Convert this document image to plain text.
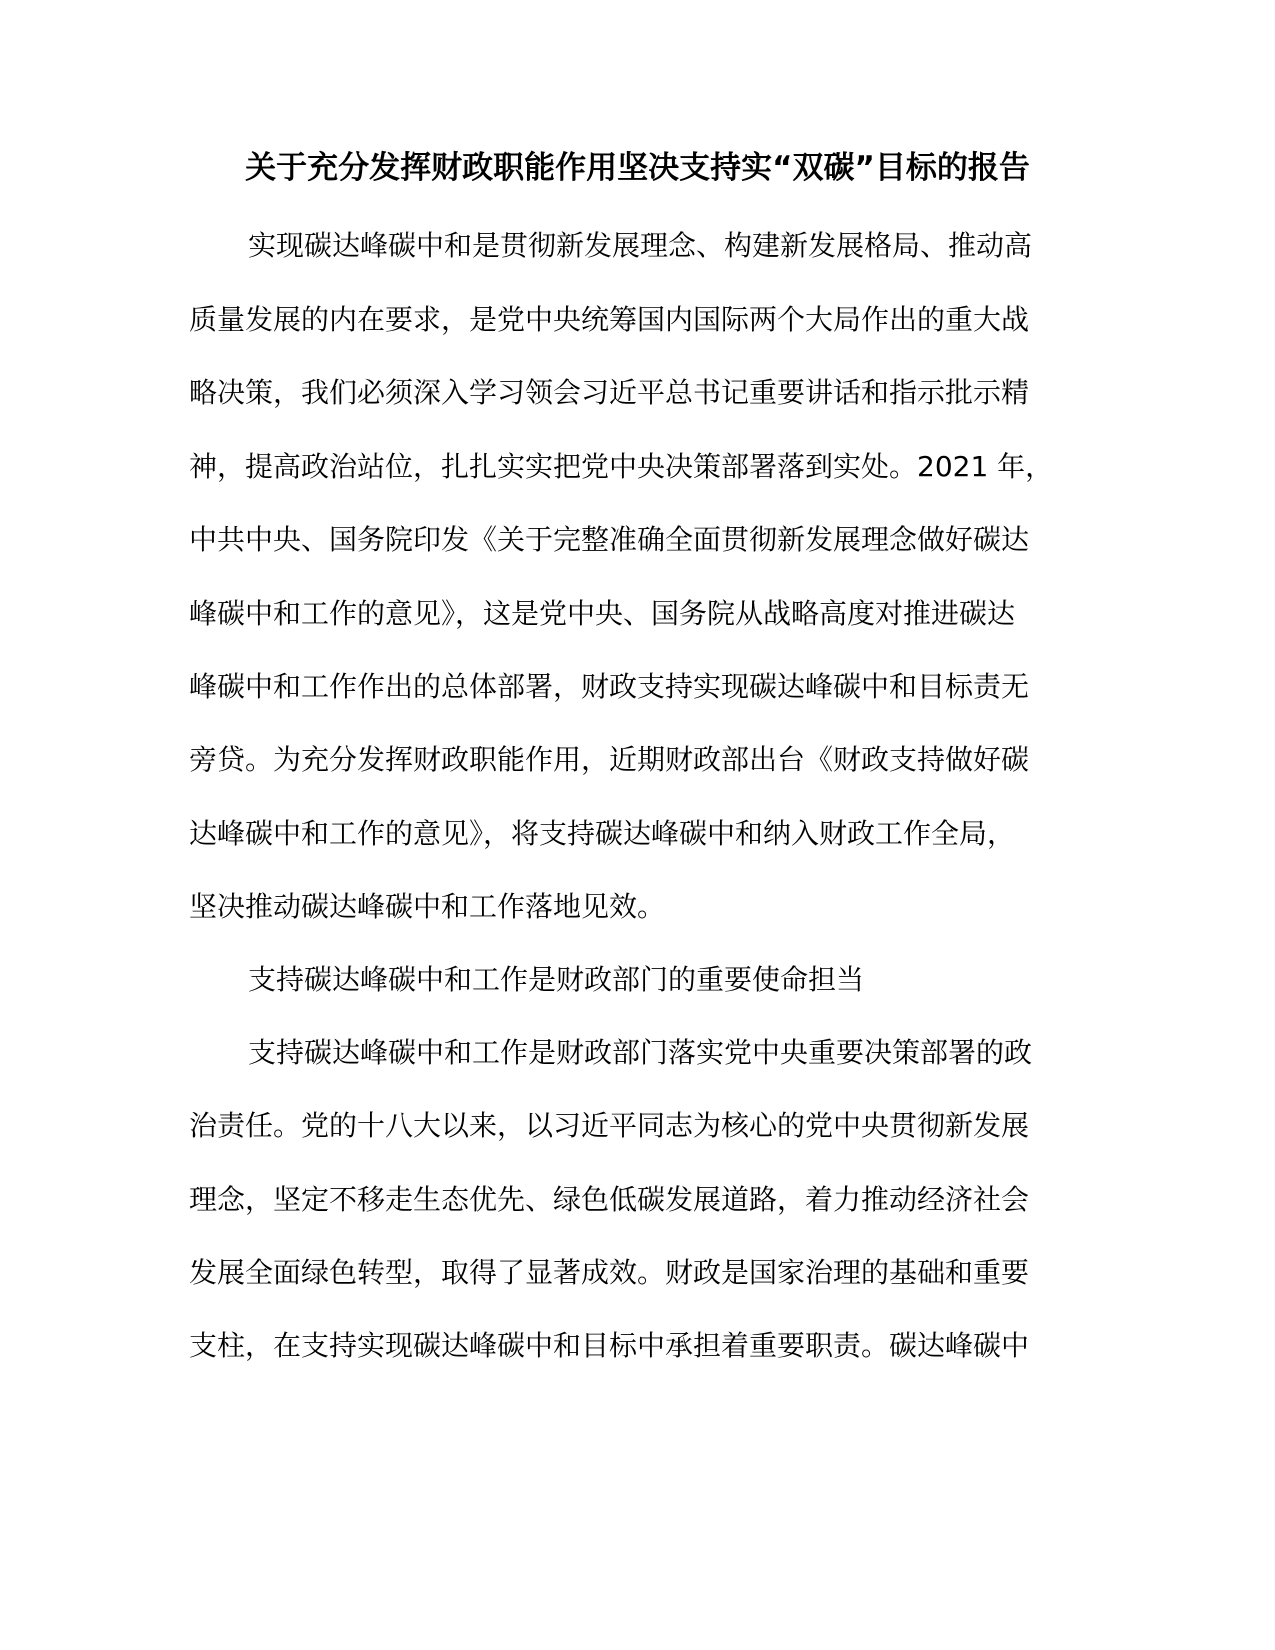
关于充分发挥财政职能作用坚决支持实“双碳”目标的报告
实现碳达峰碳中和是贯彻新发展理念、构建新发展格局、推动高
质量发展的内在要求，是党中央统筹国内国际两个大局作出的重大战
略决策，我们必须深入学习领会习近平总书记重要讲话和指示批示精
神，提高政治站位，扎扎实实把党中央决策部署落到实处。2021 年，
中共中央、国务院印发《关于完整准确全面贯彻新发展理念做好碳达
峰碳中和工作的意见》，这是党中央、国务院从战略高度对推进碳达
峰碳中和工作作出的总体部署，财政支持实现碳达峰碳中和目标责无
旁贷。为充分发挥财政职能作用，近期财政部出台《财政支持做好碳
达峰碳中和工作的意见》，将支持碳达峰碳中和纳入财政工作全局，
坚决推动碳达峰碳中和工作落地见效。
支持碳达峰碳中和工作是财政部门的重要使命担当
支持碳达峰碳中和工作是财政部门落实党中央重要决策部署的政
治责任。党的十八大以来，以习近平同志为核心的党中央贯彻新发展
理念，坚定不移走生态优先、绿色低碳发展道路，着力推动经济社会
发展全面绿色转型，取得了显著成效。财政是国家治理的基础和重要
支柱，在支持实现碳达峰碳中和目标中承担着重要职责。碳达峰碳中
